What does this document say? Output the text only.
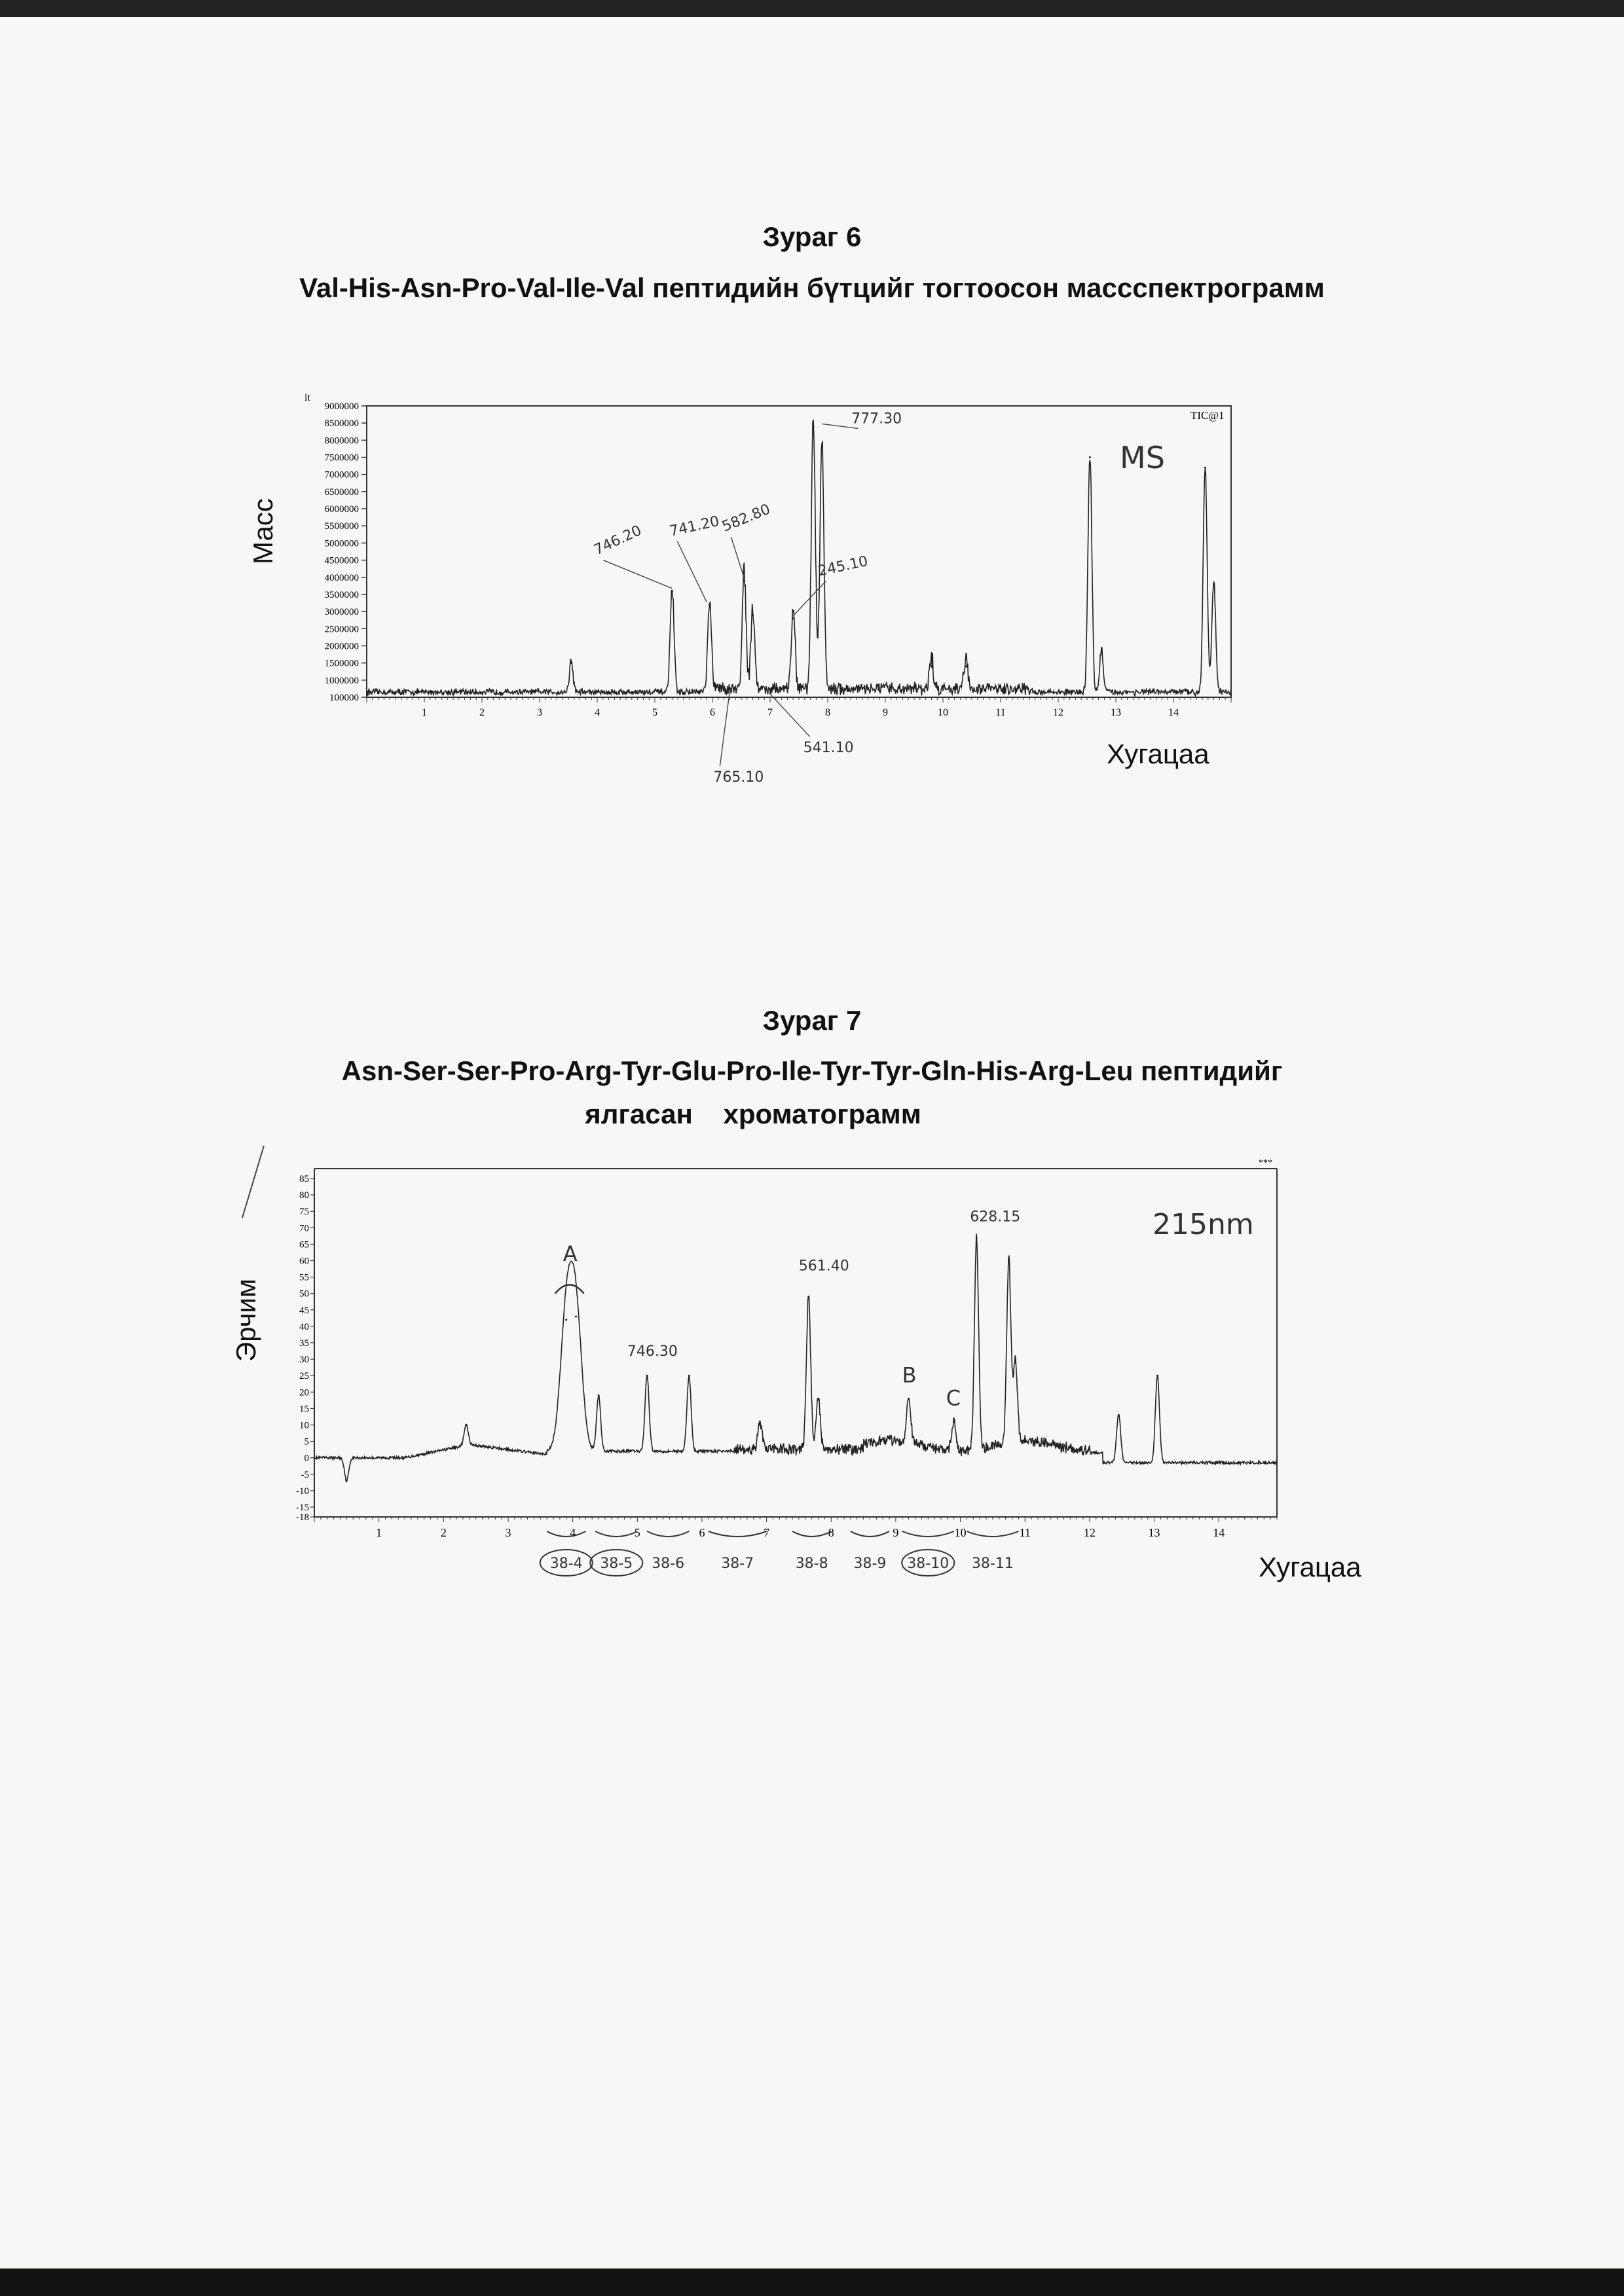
Зураг 6
Val-His-Asn-Pro-Val-Ile-Val пептидийн бүтцийг тогтоосон массспектрограмм
Масс
Хугацаа
it
TIC@1
9000000
8500000
8000000
7500000
7000000
6500000
6000000
5500000
5000000
4500000
4000000
3500000
3000000
2500000
2000000
1500000
1000000
100000
1	2	3	4	5	6	7	8	9	10	11	12	13	14
777.30
746.20 741.20
582.80
245.10
765.10
541.10
MS
Зураг 7
Asn-Ser-Ser-Pro-Arg-Tyr-Glu-Pro-Ile-Tyr-Tyr-Gln-His-Arg-Leu пептидийг
ялгасан    хроматограмм
Эрчим
Хугацаа
***
85
80
75
70
65
60
55
50
45
40
35
30
25
20
15
10
5
0
-5
-10
-15
-18
1	2	3	4	5	6	7	8	9	10	11	12	13	14
A
746.30
561.40
B
C
628.15
38-4 38-5 38-6	38-7	38-8 38-9 38-10 38-11
215nm
